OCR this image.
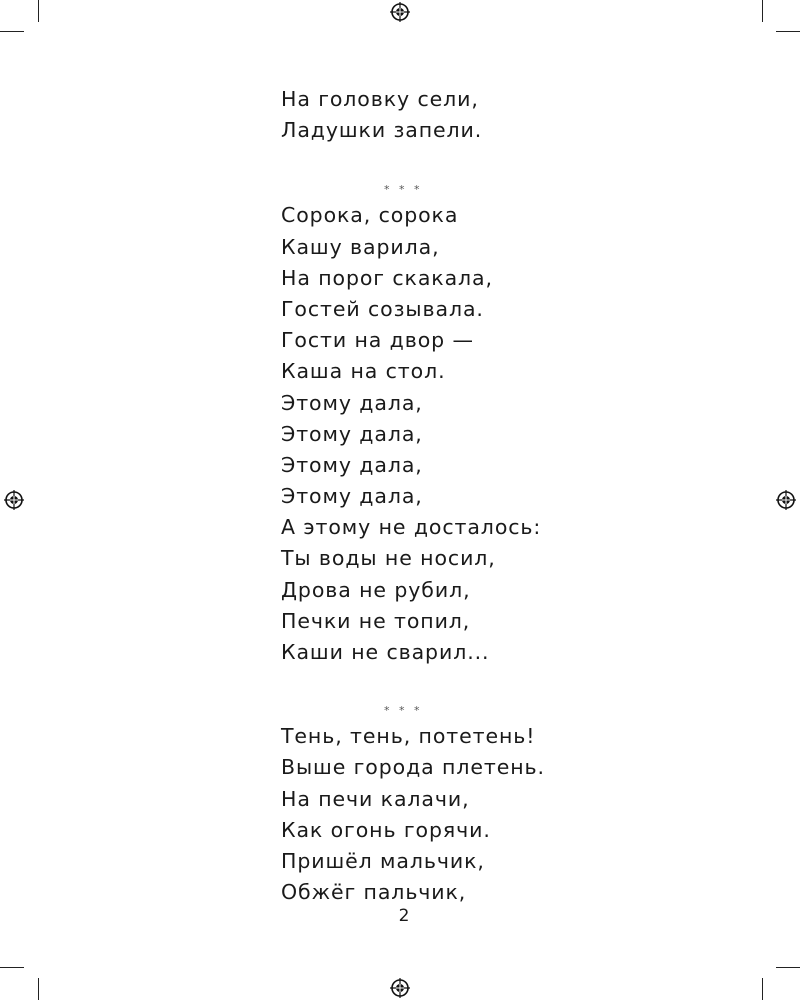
На головку сели,
Ладушки запели.
* * *
Сорока, сорока
Кашу варила,
На порог скакала,
Гостей созывала.
Гости на двор —
Каша на стол.
Этому дала,
Этому дала,
Этому дала,
Этому дала,
А этому не досталось:
Ты воды не носил,
Дрова не рубил,
Печки не топил,
Каши не сварил...
* * *
Тень, тень, потетень!
Выше города плетень.
На печи калачи,
Как огонь горячи.
Пришёл мальчик,
Обжёг пальчик,
2
